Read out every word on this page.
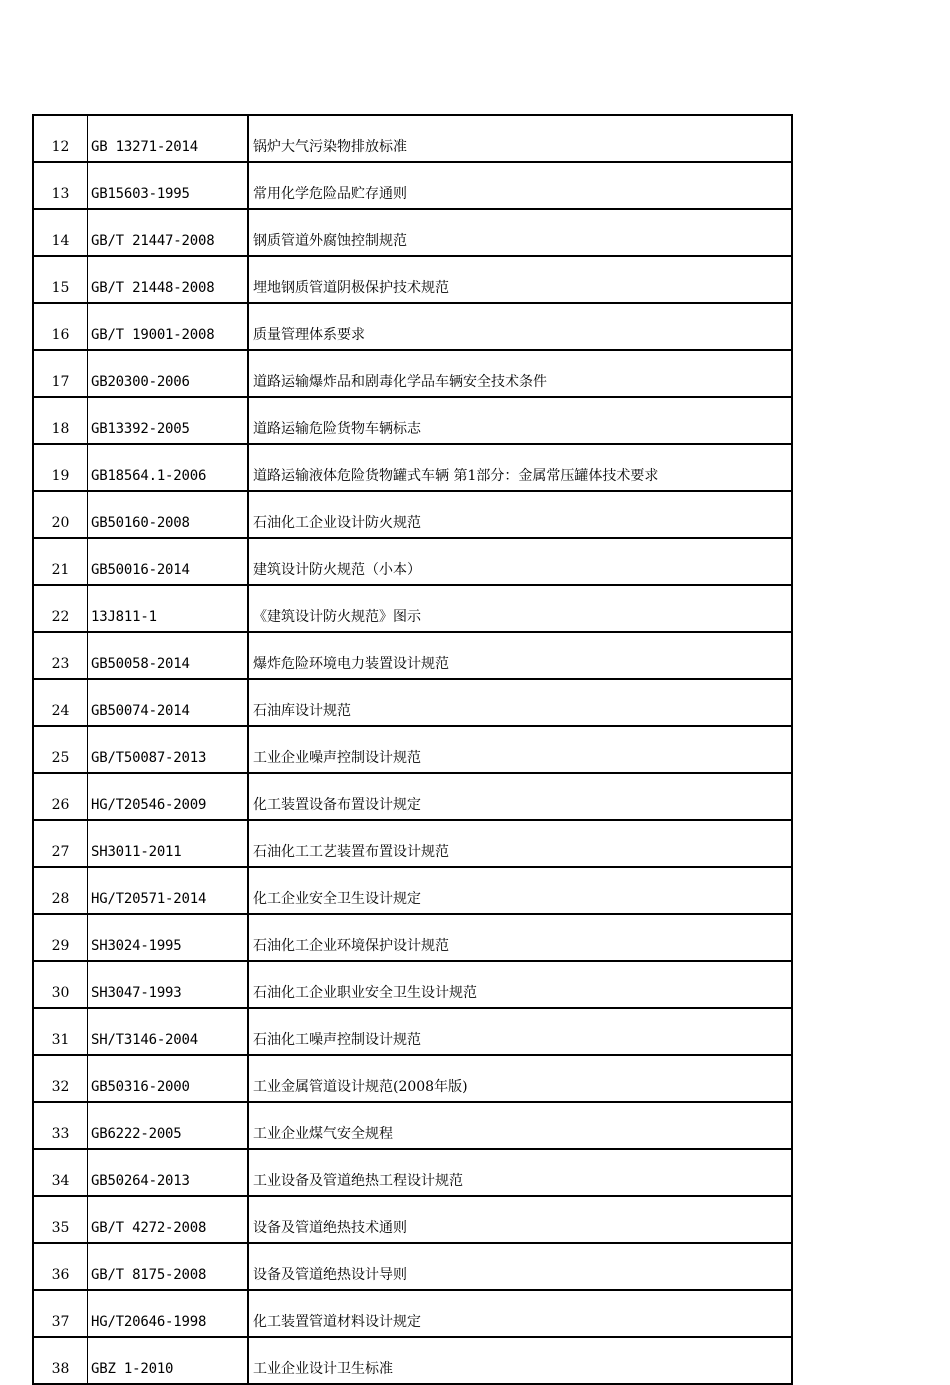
12	GB 13271-2014	锅炉大气污染物排放标准
13	GB15603-1995	常用化学危险品贮存通则
14	GB/T 21447-2008	钢质管道外腐蚀控制规范
15	GB/T 21448-2008	埋地钢质管道阴极保护技术规范
16	GB/T 19001-2008	质量管理体系要求
17	GB20300-2006	道路运输爆炸品和剧毒化学品车辆安全技术条件
18	GB13392-2005	道路运输危险货物车辆标志
19	GB18564.1-2006	道路运输液体危险货物罐式车辆 第1部分：金属常压罐体技术要求
20	GB50160-2008	石油化工企业设计防火规范
21	GB50016-2014	建筑设计防火规范（小本）
22	13J811-1	《建筑设计防火规范》图示
23	GB50058-2014	爆炸危险环境电力装置设计规范
24	GB50074-2014	石油库设计规范
25	GB/T50087-2013	工业企业噪声控制设计规范
26	HG/T20546-2009	化工装置设备布置设计规定
27	SH3011-2011	石油化工工艺装置布置设计规范
28	HG/T20571-2014	化工企业安全卫生设计规定
29	SH3024-1995	石油化工企业环境保护设计规范
30	SH3047-1993	石油化工企业职业安全卫生设计规范
31	SH/T3146-2004	石油化工噪声控制设计规范
32	GB50316-2000	工业金属管道设计规范(2008年版)
33	GB6222-2005	工业企业煤气安全规程
34	GB50264-2013	工业设备及管道绝热工程设计规范
35	GB/T 4272-2008	设备及管道绝热技术通则
36	GB/T 8175-2008	设备及管道绝热设计导则
37	HG/T20646-1998	化工装置管道材料设计规定
38	GBZ 1-2010	工业企业设计卫生标准
